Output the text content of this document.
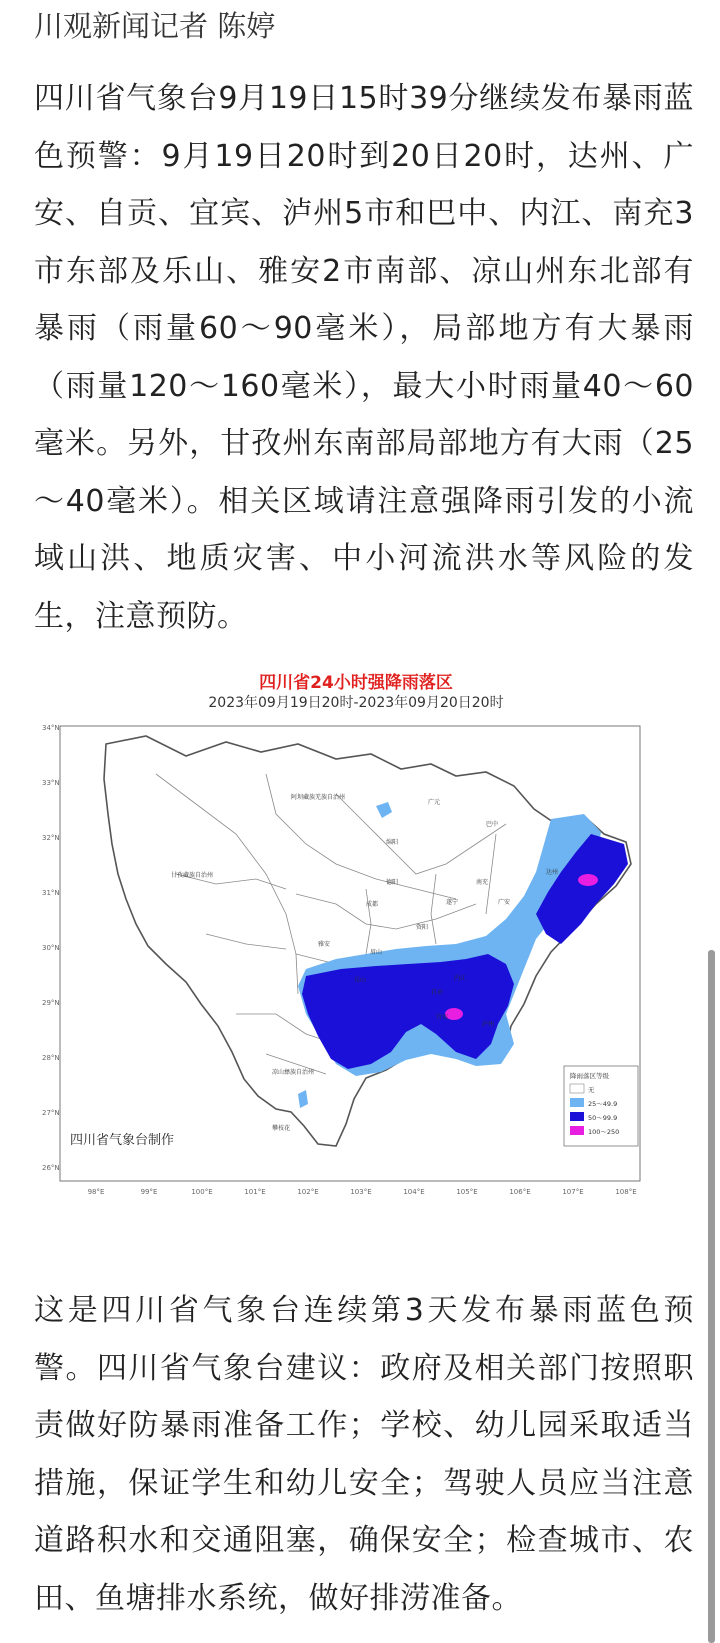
川观新闻记者 陈婷
四川省气象台9月19日15时39分继续发布暴雨蓝色预警：9月19日20时到20日20时，达州、广安、自贡、宜宾、泸州5市和巴中、内江、南充3市东部及乐山、雅安2市南部、凉山州东北部有暴雨（雨量60～90毫米），局部地方有大暴雨（雨量120～160毫米），最大小时雨量40～60毫米。另外，甘孜州东南部局部地方有大雨（25～40毫米）。相关区域请注意强降雨引发的小流域山洪、地质灾害、中小河流洪水等风险的发生，注意预防。
四川省24小时强降雨落区
2023年09月19日20时-2023年09月20日20时
34°N
33°N
32°N
31°N
30°N
29°N
28°N
27°N
26°N
98°E	99°E	100°E	101°E	102°E	103°E	104°E	105°E	106°E	107°E	108°E
阿坝藏族羌族自治州
甘孜藏族自治州
巴中
广元
绵阳
德阳	南充
达州
遂宁	广安
成都
资阳
雅安
乐山
眉山
内江
自贡
宜宾
泸州
凉山彝族自治州
攀枝花
四川省气象台制作
降雨落区等级
无
25～49.9
50～99.9
100～250
这是四川省气象台连续第3天发布暴雨蓝色预警。四川省气象台建议：政府及相关部门按照职责做好防暴雨准备工作；学校、幼儿园采取适当措施，保证学生和幼儿安全；驾驶人员应当注意道路积水和交通阻塞，确保安全；检查城市、农田、鱼塘排水系统，做好排涝准备。
